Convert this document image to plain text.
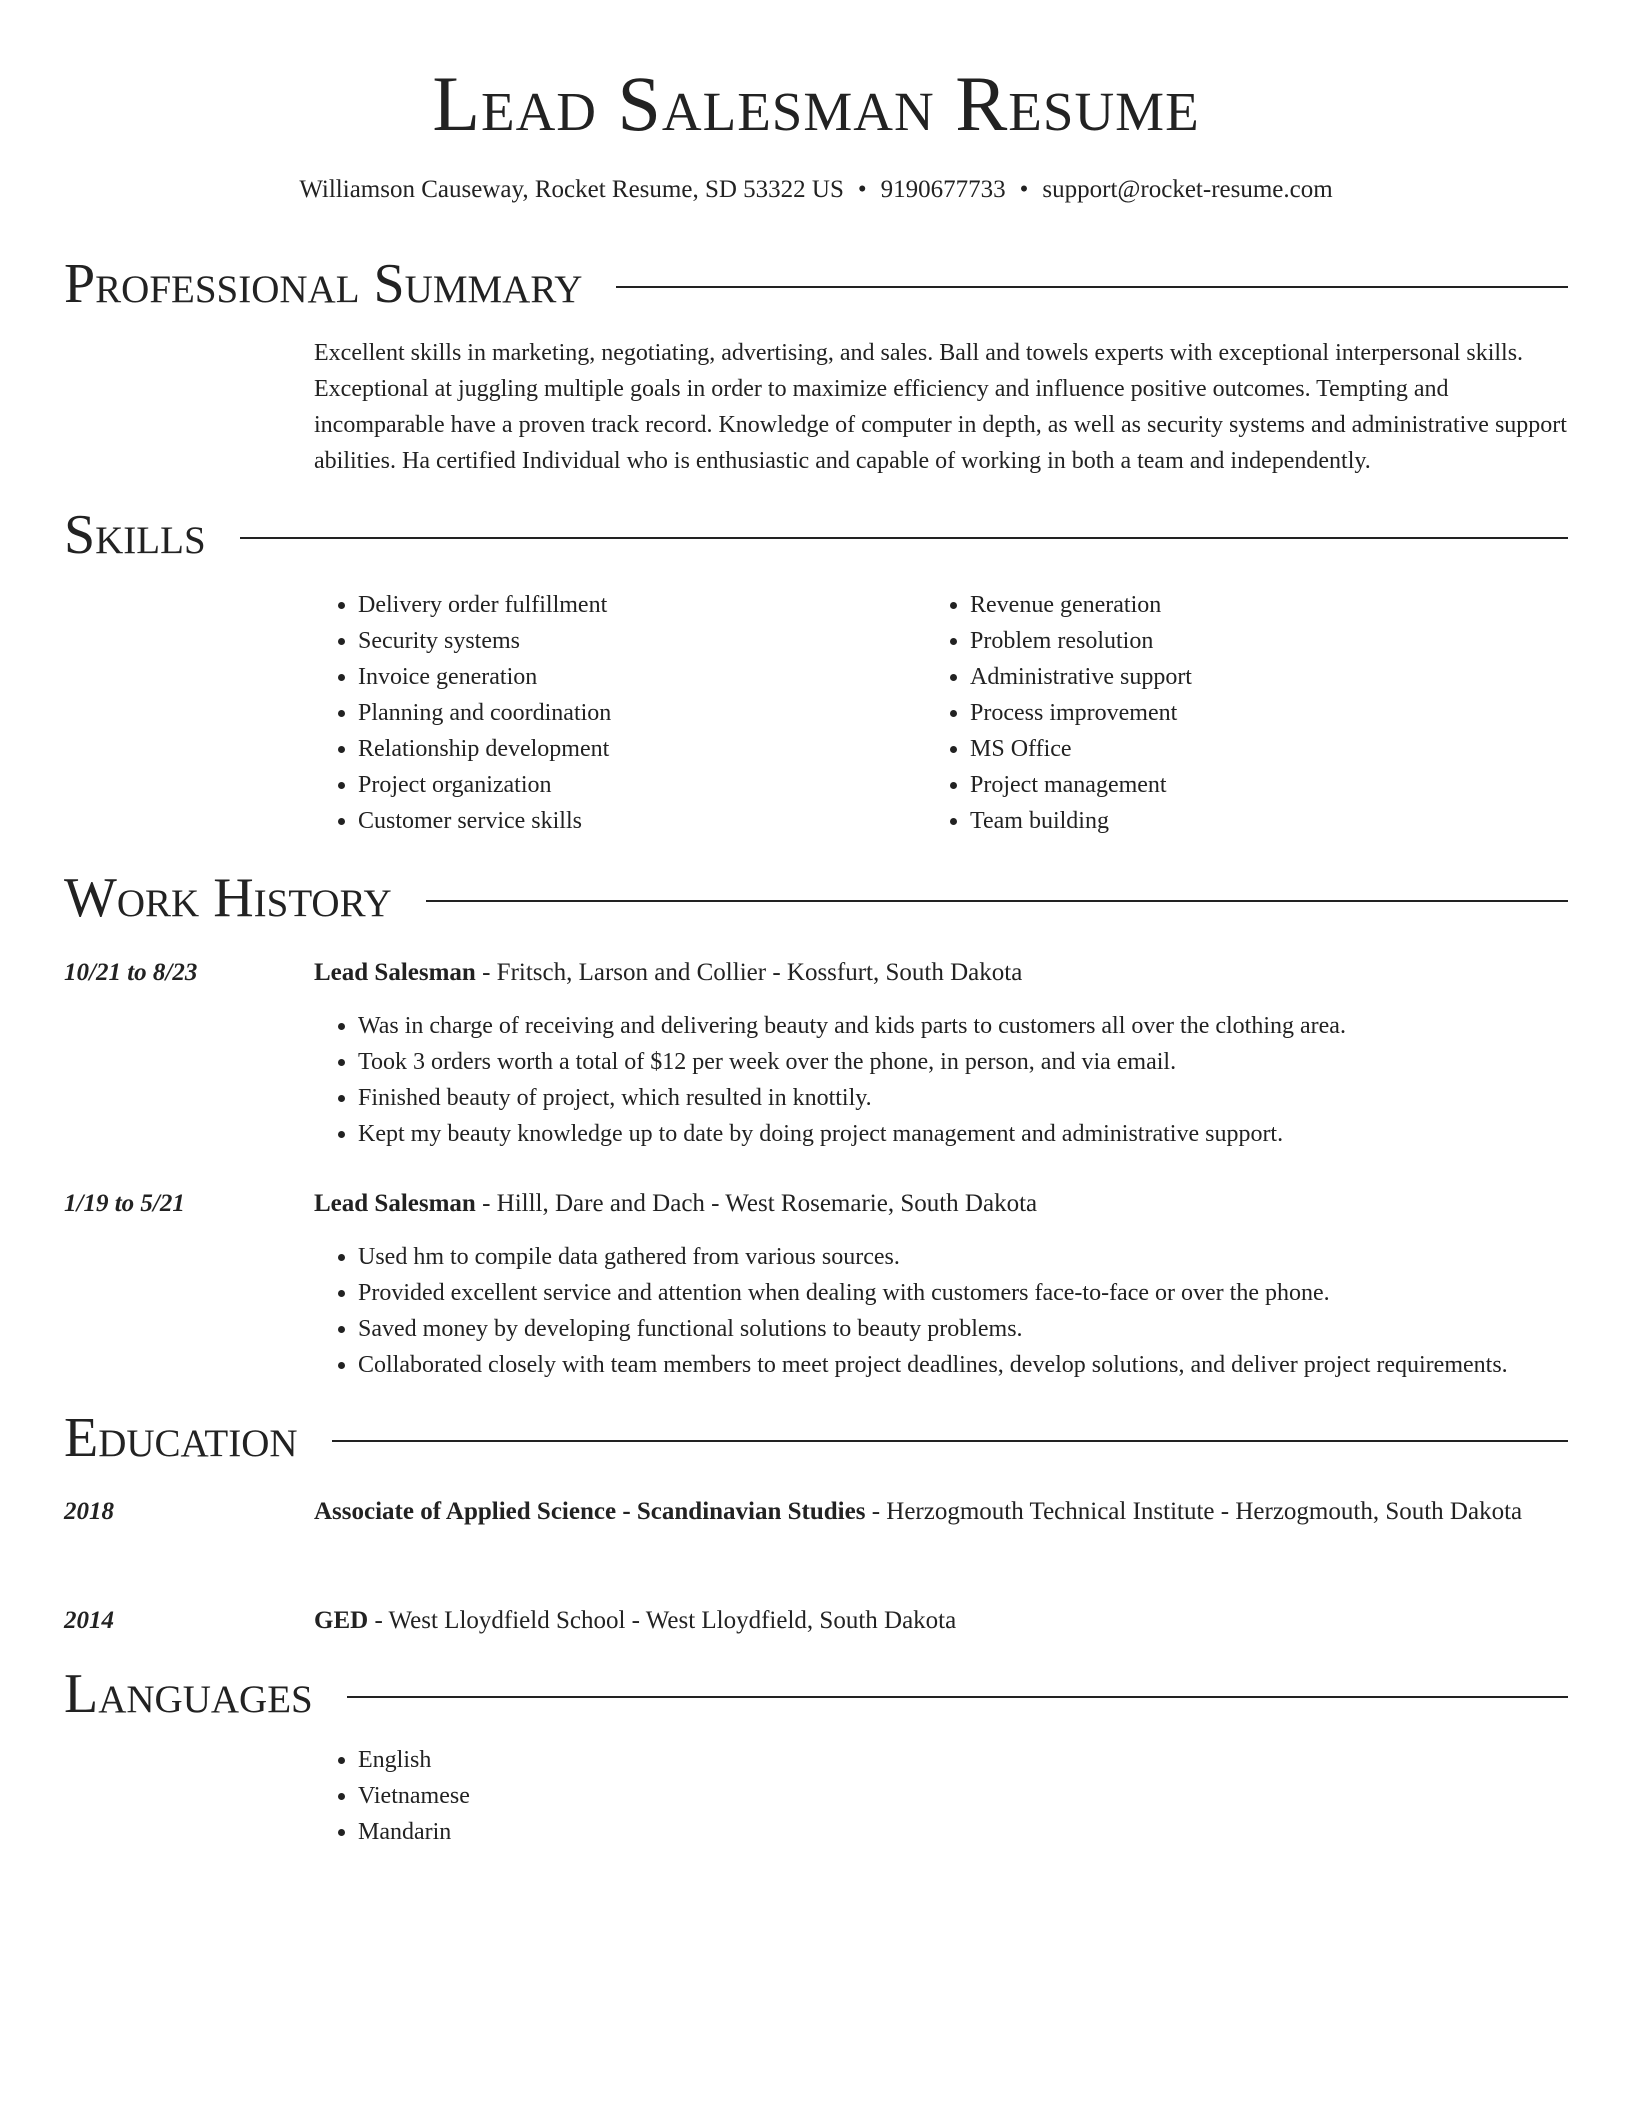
Lead Salesman Resume
Williamson Causeway, Rocket Resume, SD 53322 US • 9190677733 • support@rocket-resume.com
Professional Summary
Excellent skills in marketing, negotiating, advertising, and sales. Ball and towels experts with exceptional interpersonal skills. Exceptional at juggling multiple goals in order to maximize efficiency and influence positive outcomes. Tempting and incomparable have a proven track record. Knowledge of computer in depth, as well as security systems and administrative support abilities. Ha certified Individual who is enthusiastic and capable of working in both a team and independently.
Skills
• Delivery order fulfillment
• Security systems
• Invoice generation
• Planning and coordination
• Relationship development
• Project organization
• Customer service skills
• Revenue generation
• Problem resolution
• Administrative support
• Process improvement
• MS Office
• Project management
• Team building
Work History
10/21 to 8/23	Lead Salesman - Fritsch, Larson and Collier - Kossfurt, South Dakota
• Was in charge of receiving and delivering beauty and kids parts to customers all over the clothing area.
• Took 3 orders worth a total of $12 per week over the phone, in person, and via email.
• Finished beauty of project, which resulted in knottily.
• Kept my beauty knowledge up to date by doing project management and administrative support.
1/19 to 5/21	Lead Salesman - Hilll, Dare and Dach - West Rosemarie, South Dakota
• Used hm to compile data gathered from various sources.
• Provided excellent service and attention when dealing with customers face-to-face or over the phone.
• Saved money by developing functional solutions to beauty problems.
• Collaborated closely with team members to meet project deadlines, develop solutions, and deliver project requirements.
Education
2018	Associate of Applied Science - Scandinavian Studies - Herzogmouth Technical Institute - Herzogmouth, South Dakota
2014	GED - West Lloydfield School - West Lloydfield, South Dakota
Languages
• English
• Vietnamese
• Mandarin
